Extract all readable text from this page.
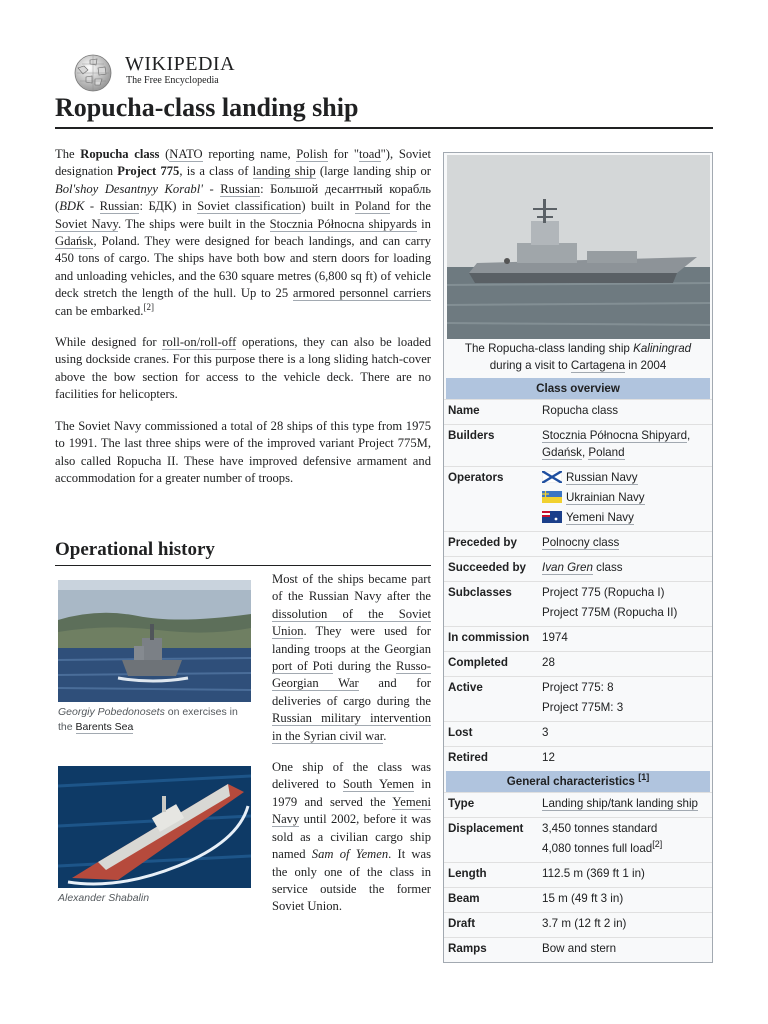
WIKIPEDIA
The Free Encyclopedia
Ropucha-class landing ship

The Ropucha class (NATO reporting name, Polish for "toad"), Soviet designation Project 775, is a class of landing ship (large landing ship or Bol'shoy Desantnyy Korabl' - Russian: Большой десантный корабль (BDK - Russian: БДК) in Soviet classification) built in Poland for the Soviet Navy. The ships were built in the Stocznia Północna shipyards in Gdańsk, Poland. They were designed for beach landings, and can carry 450 tons of cargo. The ships have both bow and stern doors for loading and unloading vehicles, and the 630 square metres (6,800 sq ft) of vehicle deck stretch the length of the hull. Up to 25 armored personnel carriers can be embarked.[2]

While designed for roll-on/roll-off operations, they can also be loaded using dockside cranes. For this purpose there is a long sliding hatch-cover above the bow section for access to the vehicle deck. There are no facilities for helicopters.

The Soviet Navy commissioned a total of 28 ships of this type from 1975 to 1991. The last three ships were of the improved variant Project 775M, also called Ropucha II. These have improved defensive armament and accommodation for a greater number of troops.

Operational history
Georgiy Pobedonosets on exercises in the Barents Sea
Alexander Shabalin

Most of the ships became part of the Russian Navy after the dissolution of the Soviet Union. They were used for landing troops at the Georgian port of Poti during the Russo-Georgian War and for deliveries of cargo during the Russian military intervention in the Syrian civil war.

One ship of the class was delivered to South Yemen in 1979 and served the Yemeni Navy until 2002, before it was sold as a civilian cargo ship named Sam of Yemen. It was the only one of the class in service outside the former Soviet Union.

The Ropucha-class landing ship Kaliningrad during a visit to Cartagena in 2004
Class overview
Name	Ropucha class
Builders	Stocznia Północna Shipyard, Gdańsk, Poland
Operators	Russian Navy
Ukrainian Navy
Yemeni Navy
Preceded by	Polnocny class
Succeeded by	Ivan Gren class
Subclasses	Project 775 (Ropucha I)
Project 775M (Ropucha II)
In commission	1974
Completed	28
Active	Project 775: 8
Project 775M: 3
Lost	3
Retired	12
General characteristics [1]
Type	Landing ship/tank landing ship
Displacement	3,450 tonnes standard
4,080 tonnes full load[2]
Length	112.5 m (369 ft 1 in)
Beam	15 m (49 ft 3 in)
Draft	3.7 m (12 ft 2 in)
Ramps	Bow and stern
